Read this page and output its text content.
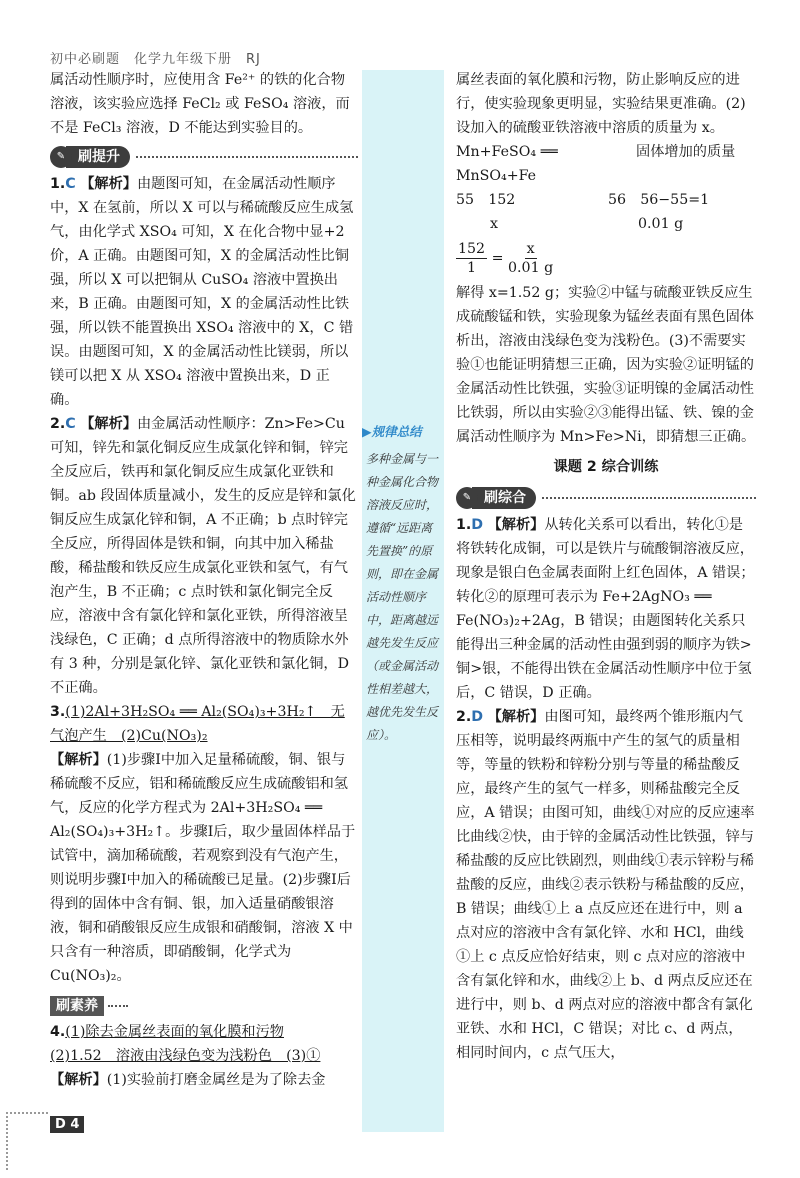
初中必刷题　化学九年级下册　RJ
▶规律总结
多种金属与一种金属化合物溶液反应时，遵循“远距离先置换”的原则，即在金属活动性顺序中，距离越远越先发生反应（或金属活动性相差越大，越优先发生反应）。

属活动性顺序时，应使用含 Fe²⁺ 的铁的化合物溶液，该实验应选择 FeCl₂ 或 FeSO₄ 溶液，而不是 FeCl₃ 溶液，D 不能达到实验目的。

✎ 刷提升

1.C 【解析】由题图可知，在金属活动性顺序中，X 在氢前，所以 X 可以与稀硫酸反应生成氢气，由化学式 XSO₄ 可知，X 在化合物中显+2 价，A 正确。由题图可知，X 的金属活动性比铜强，所以 X 可以把铜从 CuSO₄ 溶液中置换出来，B 正确。由题图可知，X 的金属活动性比铁强，所以铁不能置换出 XSO₄ 溶液中的 X，C 错误。由题图可知，X 的金属活动性比镁弱，所以镁可以把 X 从 XSO₄ 溶液中置换出来，D 正确。

2.C 【解析】由金属活动性顺序：Zn>Fe>Cu 可知，锌先和氯化铜反应生成氯化锌和铜，锌完全反应后，铁再和氯化铜反应生成氯化亚铁和铜。ab 段固体质量减小，发生的反应是锌和氯化铜反应生成氯化锌和铜，A 不正确；b 点时锌完全反应，所得固体是铁和铜，向其中加入稀盐酸，稀盐酸和铁反应生成氯化亚铁和氢气，有气泡产生，B 不正确；c 点时铁和氯化铜完全反应，溶液中含有氯化锌和氯化亚铁，所得溶液呈浅绿色，C 正确；d 点所得溶液中的物质除水外有 3 种，分别是氯化锌、氯化亚铁和氯化铜，D 不正确。

3.(1)2Al+3H₂SO₄ ══ Al₂(SO₄)₃+3H₂↑　无气泡产生　(2)Cu(NO₃)₂
【解析】(1)步骤Ⅰ中加入足量稀硫酸，铜、银与稀硫酸不反应，铝和稀硫酸反应生成硫酸铝和氢气，反应的化学方程式为 2Al+3H₂SO₄ ══ Al₂(SO₄)₃+3H₂↑。步骤Ⅰ后，取少量固体样品于试管中，滴加稀硫酸，若观察到没有气泡产生，则说明步骤Ⅰ中加入的稀硫酸已足量。(2)步骤Ⅰ后得到的固体中含有铜、银，加入适量硝酸银溶液，铜和硝酸银反应生成银和硝酸铜，溶液 X 中只含有一种溶质，即硝酸铜，化学式为 Cu(NO₃)₂。

刷素养

4.(1)除去金属丝表面的氧化膜和污物
(2)1.52　溶液由浅绿色变为浅粉色　(3)①
【解析】(1)实验前打磨金属丝是为了除去金

属丝表面的氧化膜和污物，防止影响反应的进行，使实验现象更明显，实验结果更准确。(2)设加入的硫酸亚铁溶液中溶质的质量为 x。

Mn+FeSO₄ ══ MnSO₄+Fe
固体增加的质量
55　152	56　56−55=1
x	0.01 g
$\frac{152}{1} = \frac{x}{0.01 g}$

解得 x=1.52 g；实验②中锰与硫酸亚铁反应生成硫酸锰和铁，实验现象为锰丝表面有黑色固体析出，溶液由浅绿色变为浅粉色。(3)不需要实验①也能证明猜想三正确，因为实验②证明锰的金属活动性比铁强，实验③证明镍的金属活动性比铁弱，所以由实验②③能得出锰、铁、镍的金属活动性顺序为 Mn>Fe>Ni，即猜想三正确。

课题 2 综合训练
✎ 刷综合

1.D 【解析】从转化关系可以看出，转化①是将铁转化成铜，可以是铁片与硫酸铜溶液反应，现象是银白色金属表面附上红色固体，A 错误；转化②的原理可表示为 Fe+2AgNO₃ ══ Fe(NO₃)₂+2Ag，B 错误；由题图转化关系只能得出三种金属的活动性由强到弱的顺序为铁>铜>银，不能得出铁在金属活动性顺序中位于氢后，C 错误，D 正确。

2.D 【解析】由图可知，最终两个锥形瓶内气压相等，说明最终两瓶中产生的氢气的质量相等，等量的铁粉和锌粉分别与等量的稀盐酸反应，最终产生的氢气一样多，则稀盐酸完全反应，A 错误；由图可知，曲线①对应的反应速率比曲线②快，由于锌的金属活动性比铁强，锌与稀盐酸的反应比铁剧烈，则曲线①表示锌粉与稀盐酸的反应，曲线②表示铁粉与稀盐酸的反应，B 错误；曲线①上 a 点反应还在进行中，则 a 点对应的溶液中含有氯化锌、水和 HCl，曲线①上 c 点反应恰好结束，则 c 点对应的溶液中含有氯化锌和水，曲线②上 b、d 两点反应还在进行中，则 b、d 两点对应的溶液中都含有氯化亚铁、水和 HCl，C 错误；对比 c、d 两点，相同时间内，c 点气压大，

D 4
